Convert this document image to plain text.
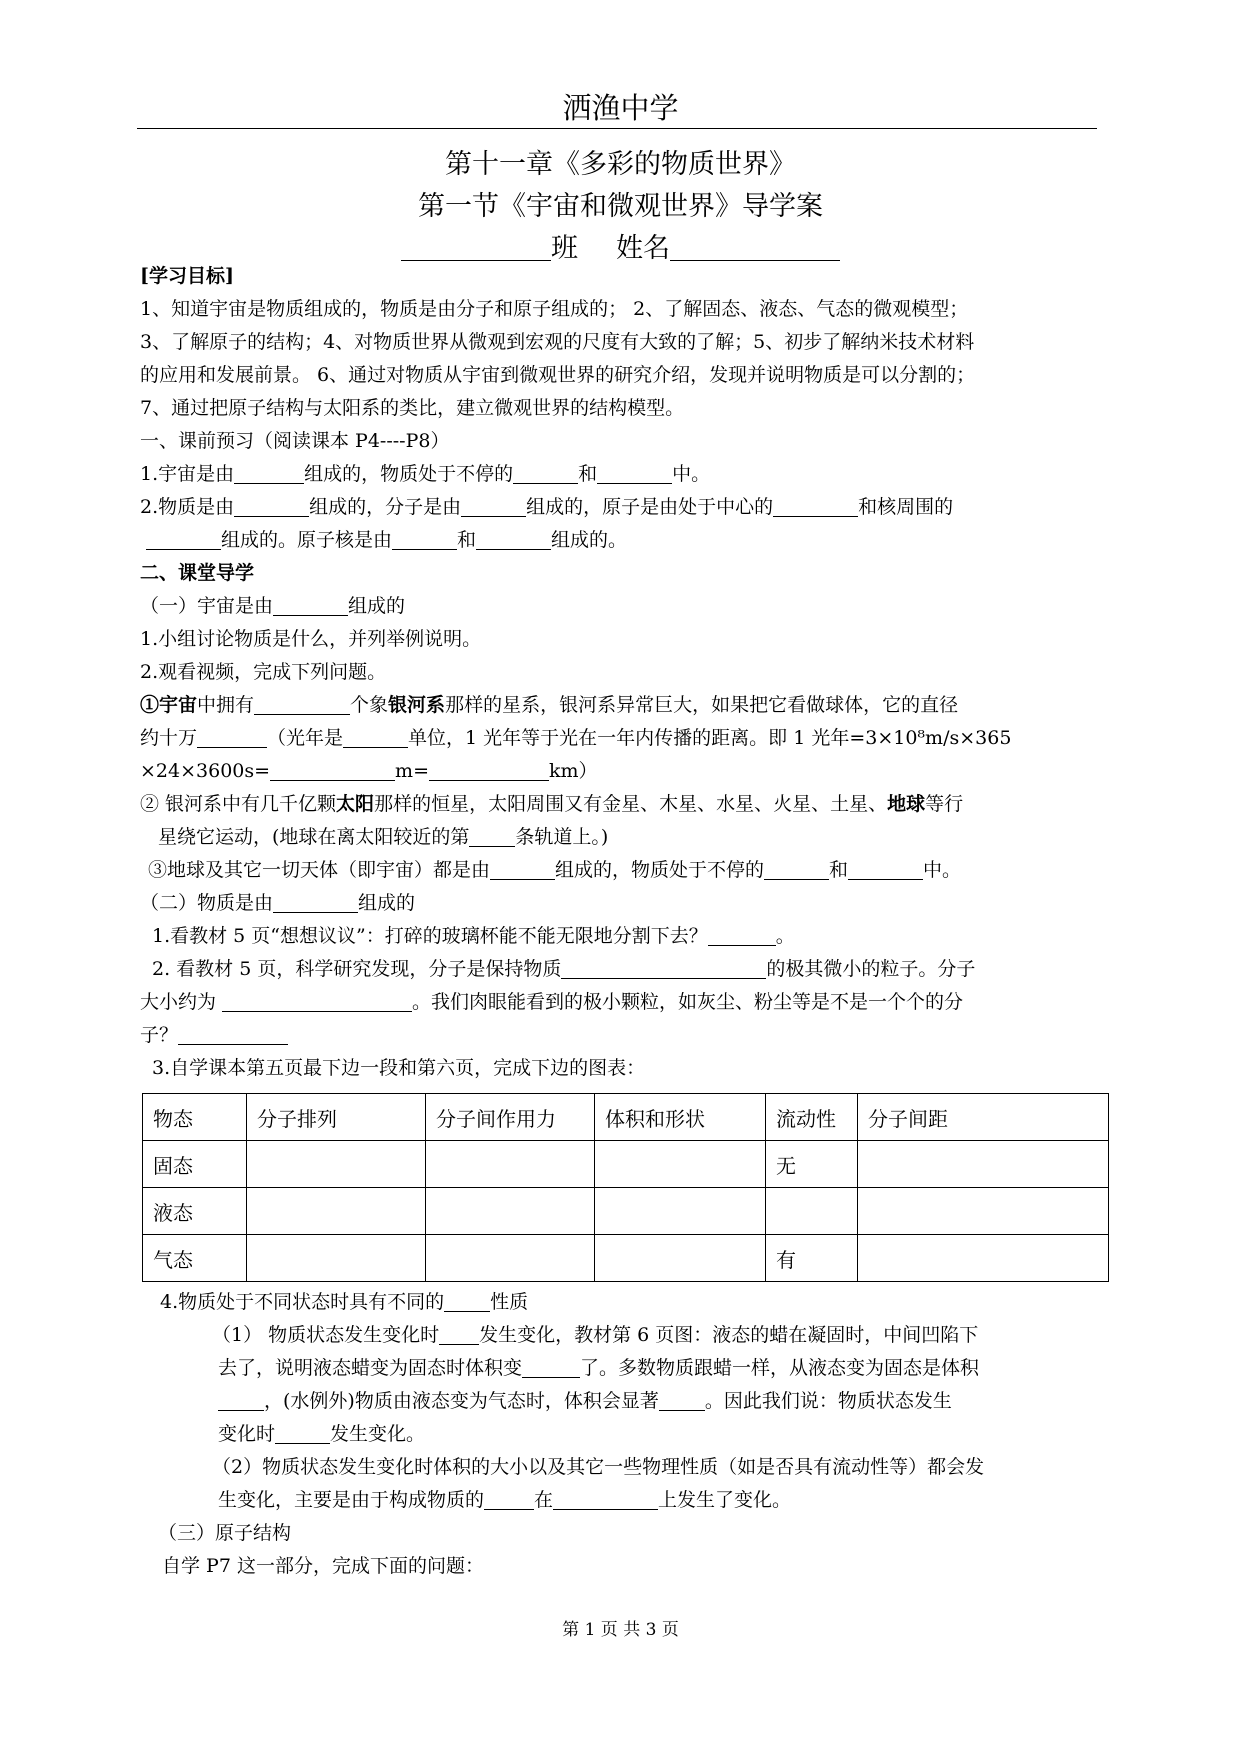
洒渔中学
第十一章《多彩的物质世界》
第一节《宇宙和微观世界》导学案
班 姓名

[学习目标]

1、知道宇宙是物质组成的，物质是由分子和原子组成的； 2、了解固态、液态、气态的微观模型；

3、了解原子的结构；4、对物质世界从微观到宏观的尺度有大致的了解；5、初步了解纳米技术材料

的应用和发展前景。 6、通过对物质从宇宙到微观世界的研究介绍，发现并说明物质是可以分割的；

7、通过把原子结构与太阳系的类比，建立微观世界的结构模型。

一、课前预习（阅读课本 P4----P8）

1.宇宙是由	组成的，物质处于不停的	和	中。

2.物质是由	组成的，分子是由	组成的，原子是由处于中心的	和核周围的

组成的。原子核是由	和	组成的。

二、课堂导学

（一）宇宙是由	组成的

1.小组讨论物质是什么，并列举例说明。

2.观看视频，完成下列问题。

①宇宙中拥有	个象银河系那样的星系，银河系异常巨大，如果把它看做球体，它的直径

约十万	（光年是	单位，1 光年等于光在一年内传播的距离。即 1 光年=3×10⁸m/s×365

×24×3600s=	m=	km）

② 银河系中有几千亿颗太阳那样的恒星，太阳周围又有金星、木星、水星、火星、土星、地球等行

星绕它运动，(地球在离太阳较近的第 条轨道上。)

③地球及其它一切天体（即宇宙）都是由	组成的，物质处于不停的	和	中。

（二）物质是由	组成的

1.看教材 5 页“想想议议”：打碎的玻璃杯能不能无限地分割下去？	。

2. 看教材 5 页，科学研究发现，分子是保持物质	的极其微小的粒子。分子

大小约为	。我们肉眼能看到的极小颗粒，如灰尘、粉尘等是不是一个个的分

子？

3.自学课本第五页最下边一段和第六页，完成下边的图表：

物态	分子排列	分子间作用力	体积和形状	流动性	分子间距
固态				无	
液态					
气态				有	

4.物质处于不同状态时具有不同的 性质

（1） 物质状态发生变化时 发生变化，教材第 6 页图：液态的蜡在凝固时，中间凹陷下

去了，说明液态蜡变为固态时体积变	了。多数物质跟蜡一样，从液态变为固态是体积

，(水例外)物质由液态变为气态时，体积会显著 。因此我们说：物质状态发生

变化时	发生变化。

（2）物质状态发生变化时体积的大小以及其它一些物理性质（如是否具有流动性等）都会发

生变化，主要是由于构成物质的	在	上发生了变化。

（三）原子结构

自学 P7 这一部分，完成下面的问题：

第 1 页 共 3 页
